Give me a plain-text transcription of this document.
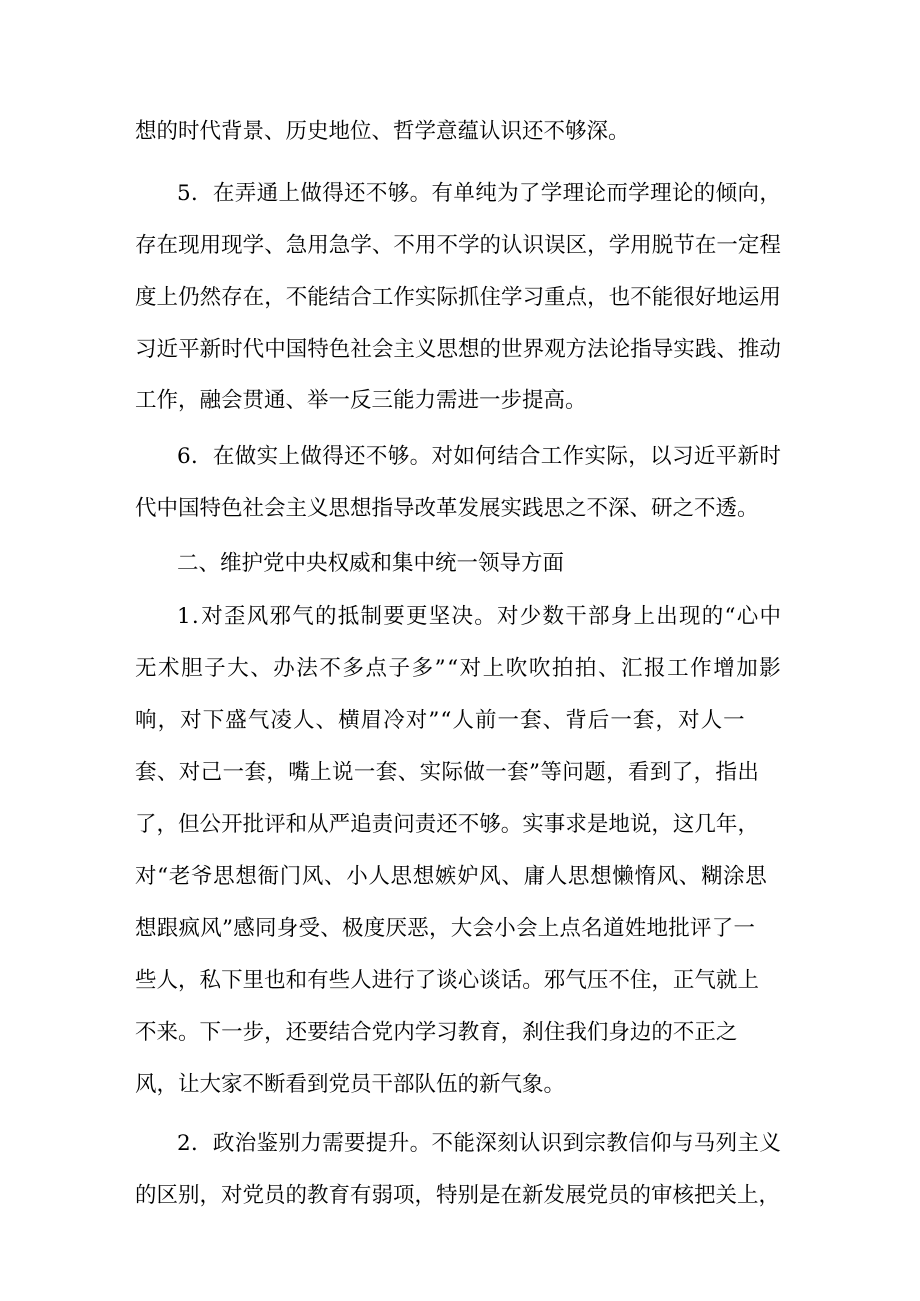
想的时代背景、历史地位、哲学意蕴认识还不够深。
5 ． 在 弄 通 上 做 得 还 不 够 。 有 单 纯 为 了 学 理 论 而 学 理 论 的 倾 向 ，
存 在 现 用 现 学 、 急 用 急 学 、 不 用 不 学 的 认 识 误 区 ， 学 用 脱 节 在 一 定 程
度 上 仍 然 存 在 ， 不 能 结 合 工 作 实 际 抓 住 学 习 重 点 ， 也 不 能 很 好 地 运 用
习 近 平 新 时 代 中 国 特 色 社 会 主 义 思 想 的 世 界 观 方 法 论 指 导 实 践 、 推 动
工作，融会贯通、举一反三能力需进一步提高。
6 ． 在 做 实 上 做 得 还 不 够 。 对 如 何 结 合 工 作 实 际 ， 以 习 近 平 新 时
代中国特色社会主义思想指导改革发展实践思之不深、研之不透。
二、维护党中央权威和集中统一领导方面
1 . 对 歪 风 邪 气 的 抵 制 要 更 坚 决 。 对 少 数 干 部 身 上 出 现 的 “ 心 中
无 术 胆 子 大 、 办 法 不 多 点 子 多 ” “ 对 上 吹 吹 拍 拍 、 汇 报 工 作 增 加 影
响 ， 对 下 盛 气 凌 人 、 横 眉 冷 对 ” “ 人 前 一 套 、 背 后 一 套 ， 对 人 一
套 、 对 己 一 套 ， 嘴 上 说 一 套 、 实 际 做 一 套 ” 等 问 题 ， 看 到 了 ， 指 出
了 ， 但 公 开 批 评 和 从 严 追 责 问 责 还 不 够 。 实 事 求 是 地 说 ， 这 几 年 ，
对 “ 老 爷 思 想 衙 门 风 、 小 人 思 想 嫉 妒 风 、 庸 人 思 想 懒 惰 风 、 糊 涂 思
想 跟 疯 风 ” 感 同 身 受 、 极 度 厌 恶 ， 大 会 小 会 上 点 名 道 姓 地 批 评 了 一
些 人 ， 私 下 里 也 和 有 些 人 进 行 了 谈 心 谈 话 。 邪 气 压 不 住 ， 正 气 就 上
不 来 。 下 一 步 ， 还 要 结 合 党 内 学 习 教 育 ， 刹 住 我 们 身 边 的 不 正 之
风，让大家不断看到党员干部队伍的新气象。
2 ． 政 治 鉴 别 力 需 要 提 升 。 不 能 深 刻 认 识 到 宗 教 信 仰 与 马 列 主 义
的区别，对党员的教育有弱项，特别是在新发展党员的审核把关上，
